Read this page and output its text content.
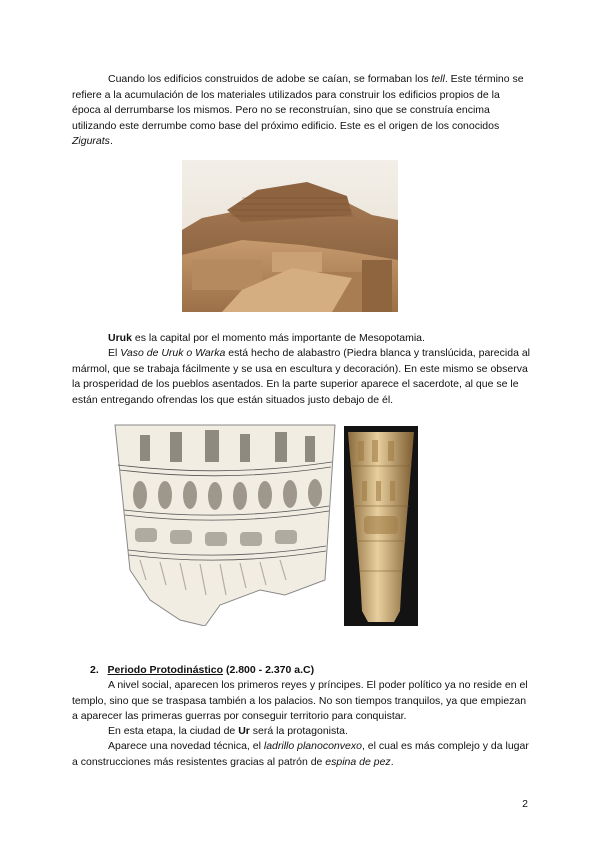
Cuando los edificios construidos de adobe se caían, se formaban los tell. Este término se refiere a la acumulación de los materiales utilizados para construir los edificios propios de la época al derrumbarse los mismos. Pero no se reconstruían, sino que se construía encima utilizando este derrumbe como base del próximo edificio. Este es el origen de los conocidos Zigurats.

Uruk es la capital por el momento más importante de Mesopotamia.

El Vaso de Uruk o Warka está hecho de alabastro (Piedra blanca y translúcida, parecida al mármol, que se trabaja fácilmente y se usa en escultura y decoración). En este mismo se observa la prosperidad de los pueblos asentados. En la parte superior aparece el sacerdote, al que se le están entregando ofrendas los que están situados justo debajo de él.

2. Periodo Protodinástico (2.800 - 2.370 a.C)

A nivel social, aparecen los primeros reyes y príncipes. El poder político ya no reside en el templo, sino que se traspasa también a los palacios. No son tiempos tranquilos, ya que empiezan a aparecer las primeras guerras por conseguir territorio para conquistar.

En esta etapa, la ciudad de Ur será la protagonista.

Aparece una novedad técnica, el ladrillo planoconvexo, el cual es más complejo y da lugar a construcciones más resistentes gracias al patrón de espina de pez.

2
